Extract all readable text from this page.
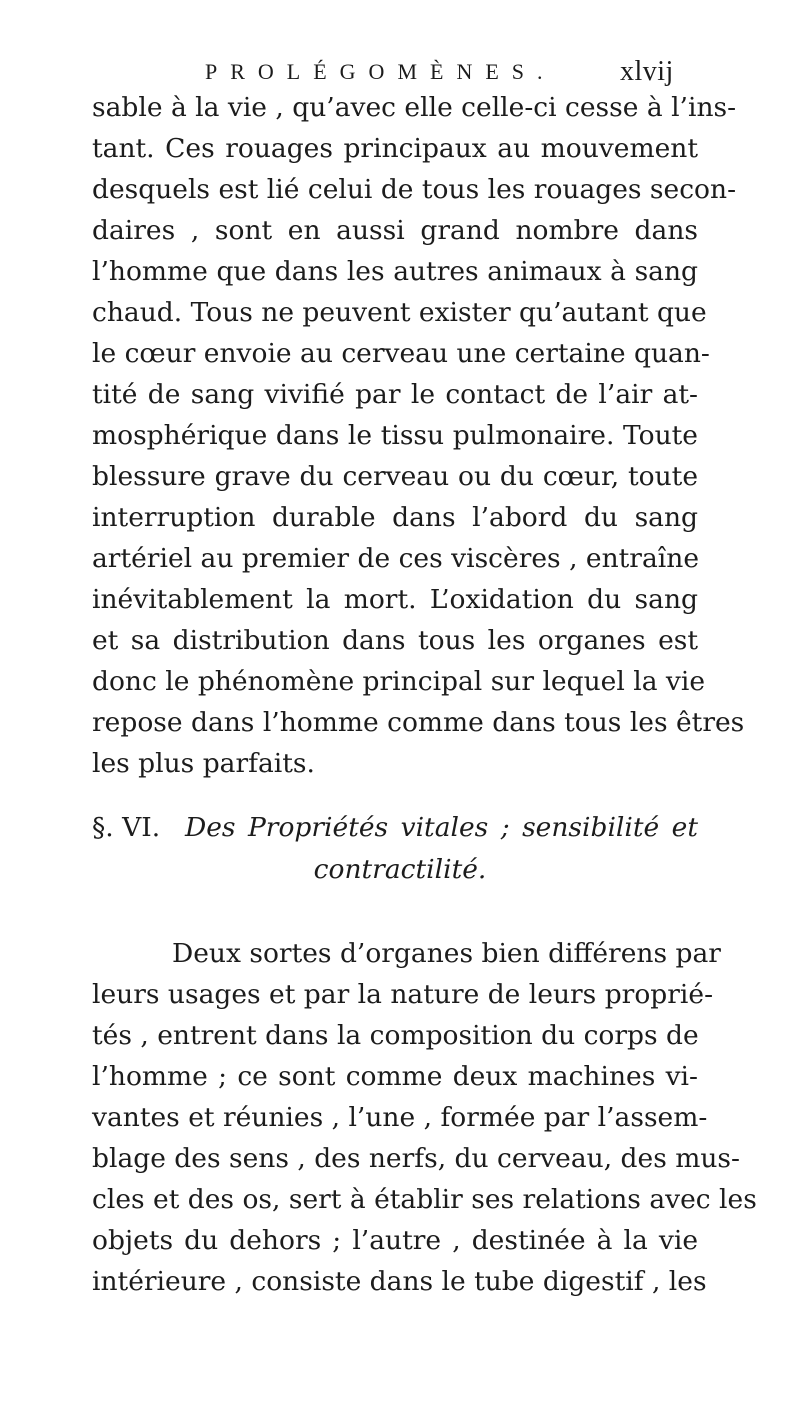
PROLÉGOMÈNES. xlvij
sable à la vie , qu’avec elle celle-ci cesse à l’ins-
tant. Ces rouages principaux au mouvement
desquels est lié celui de tous les rouages secon-
daires , sont en aussi grand nombre dans
l’homme que dans les autres animaux à sang
chaud. Tous ne peuvent exister qu’autant que
le cœur envoie au cerveau une certaine quan-
tité de sang vivifié par le contact de l’air at-
mosphérique dans le tissu pulmonaire. Toute
blessure grave du cerveau ou du cœur, toute
interruption durable dans l’abord du sang
artériel au premier de ces viscères , entraîne
inévitablement la mort. L’oxidation du sang
et sa distribution dans tous les organes est
donc le phénomène principal sur lequel la vie
repose dans l’homme comme dans tous les êtres
les plus parfaits.
§. VI. Des Propriétés vitales ; sensibilité et
contractilité.
Deux sortes d’organes bien différens par
leurs usages et par la nature de leurs proprié-
tés , entrent dans la composition du corps de
l’homme ; ce sont comme deux machines vi-
vantes et réunies , l’une , formée par l’assem-
blage des sens , des nerfs, du cerveau, des mus-
cles et des os, sert à établir ses relations avec les
objets du dehors ; l’autre , destinée à la vie
intérieure , consiste dans le tube digestif , les
